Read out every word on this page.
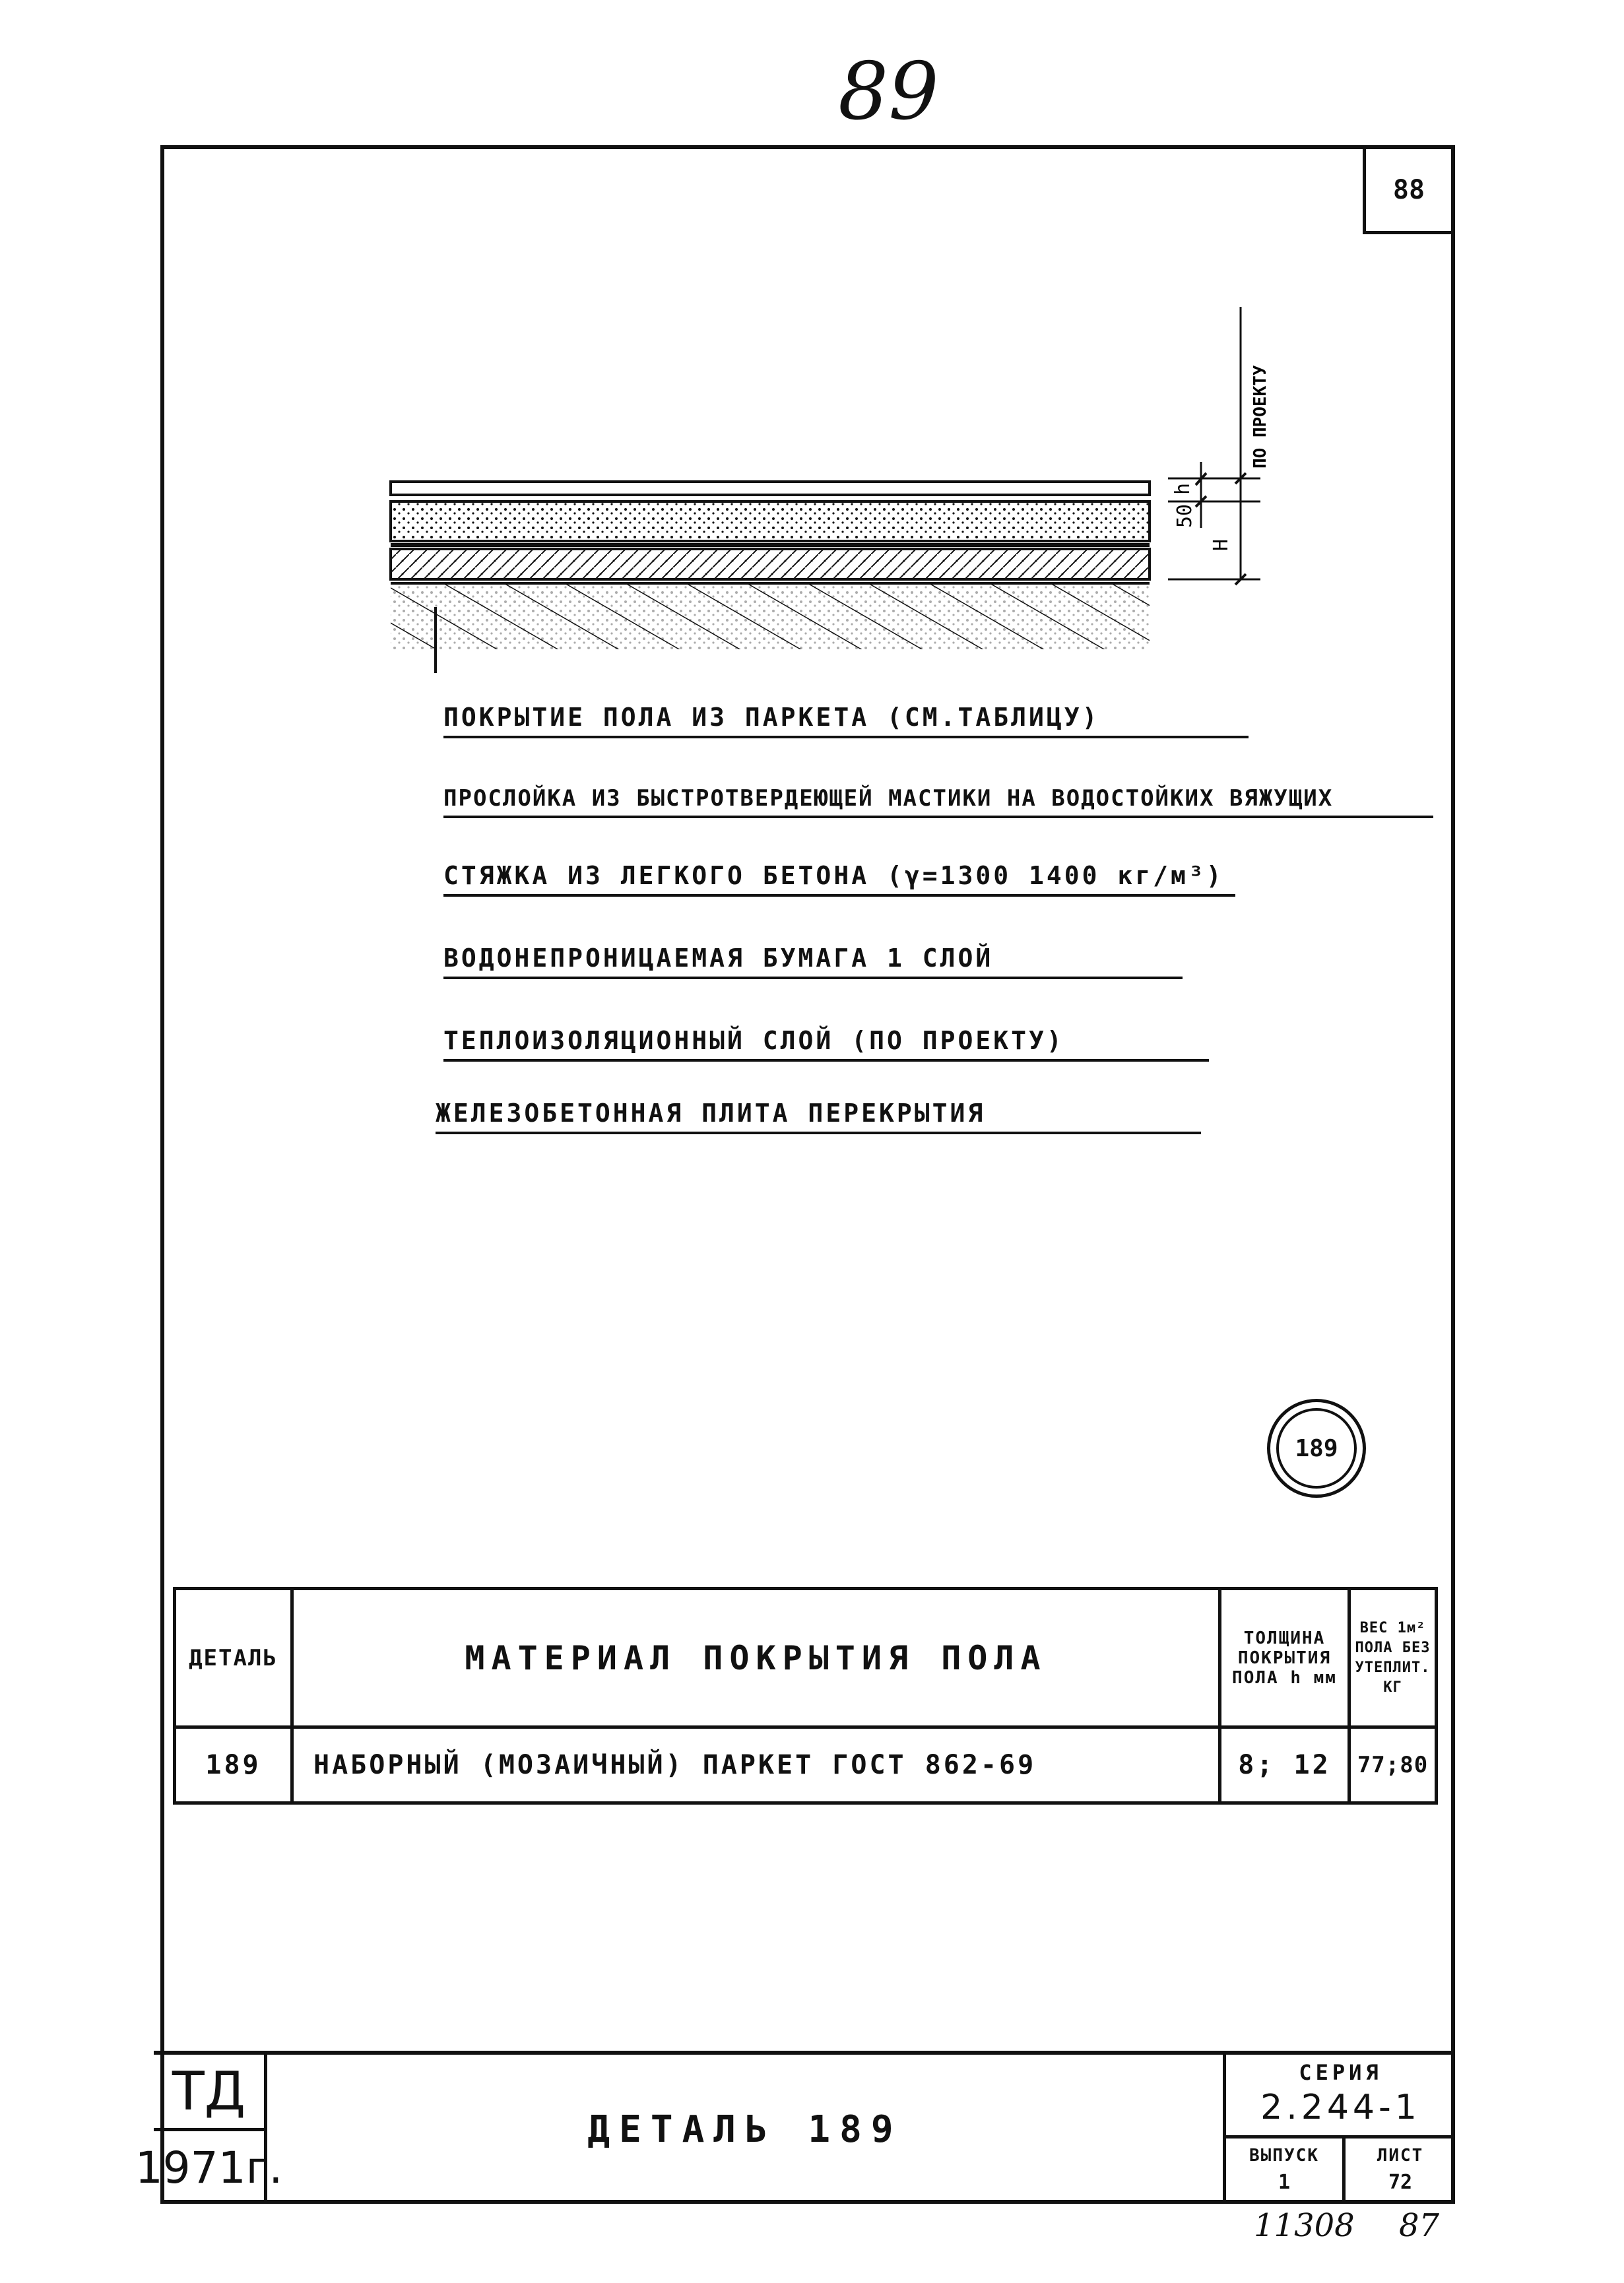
89
88
h
50
Н
ПО ПРОЕКТУ
ПОКРЫТИЕ ПОЛА ИЗ ПАРКЕТА (СМ.ТАБЛИЦУ)
ПРОСЛОЙКА ИЗ БЫСТРОТВЕРДЕЮЩЕЙ МАСТИКИ НА ВОДОСТОЙКИХ ВЯЖУЩИХ
СТЯЖКА ИЗ ЛЕГКОГО БЕТОНА (γ=1300 1400 кг/м³)
ВОДОНЕПРОНИЦАЕМАЯ БУМАГА 1 СЛОЙ
ТЕПЛОИЗОЛЯЦИОННЫЙ СЛОЙ (ПО ПРОЕКТУ)
ЖЕЛЕЗОБЕТОННАЯ ПЛИТА ПЕРЕКРЫТИЯ
189
ДЕТАЛЬ	МАТЕРИАЛ ПОКРЫТИЯ ПОЛА	ТОЛЩИНА ПОКРЫТИЯ ПОЛА h мм	ВЕС 1м² ПОЛА БЕЗ УТЕПЛИТ. КГ
189	НАБОРНЫЙ (МОЗАИЧНЫЙ) ПАРКЕТ ГОСТ 862-69	8; 12	77;80
ТД
1971г.
ДЕТАЛЬ 189
СЕРИЯ
2.244-1
ВЫПУСК
1
ЛИСТ
72
11308 87
